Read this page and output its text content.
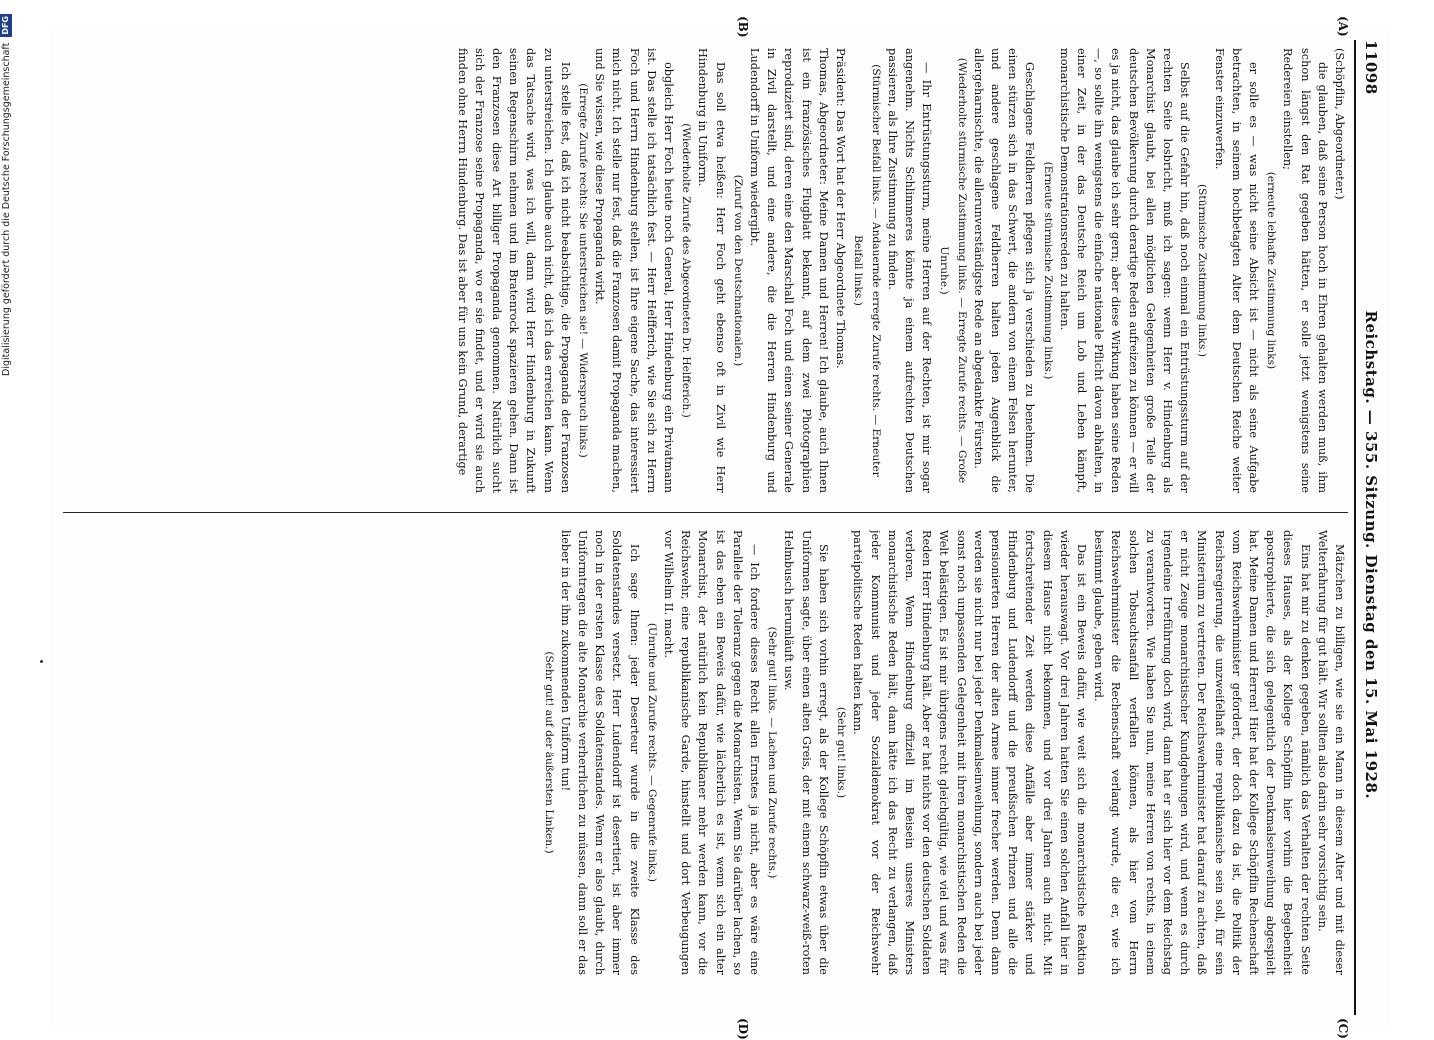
11098
Reichstag. — 355. Sitzung. Dienstag den 15. Mai 1928.
(A)
(B)
(C)
(D)

(Schöpflin, Abgeordneter.)

die glauben, daß seine Person hoch in Ehren gehalten werden muß, ihm schon längst den Rat gegeben hätten, er solle jetzt wenigstens seine Redereien einstellen;

(erneute lebhafte Zustimmung links)

er solle es — was nicht seine Absicht ist — nicht als seine Aufgabe betrachten, in seinem hochbetagten Alter dem Deutschen Reiche weiter Fenster einzuwerfen.

(Stürmische Zustimmung links.)

Selbst auf die Gefahr hin, daß noch einmal ein Entrüstungssturm auf der rechten Seite losbricht, muß ich sagen: wenn Herr v. Hindenburg als Monarchist glaubt, bei allen möglichen Gelegenheiten große Teile der deutschen Bevölkerung durch derartige Reden aufreizen zu können — er will es ja nicht, das glaube ich sehr gern; aber diese Wirkung haben seine Reden —, so sollte ihn wenigstens die einfache nationale Pflicht davon abhalten, in einer Zeit, in der das Deutsche Reich um Lob und Leben kämpft, monarchistische Demonstrationsreden zu halten.

(Erneute stürmische Zustimmung links.)

Geschlagene Feldherren pflegen sich ja verschieden zu benehmen. Die einen stürzen sich in das Schwert, die andern von einem Felsen herunter, und andere geschlagene Feldherren halten jeden Augenblick die allergeharnischte, die allerunverständigste Rede an abgedankte Fürsten.

(Wiederholte stürmische Zustimmung links. — Erregte Zurufe rechts. — Große Unruhe.)

— Ihr Entrüstungssturm, meine Herren auf der Rechten, ist mir sogar angenehm. Nichts Schlimmeres könnte ja einem aufrechten Deutschen passieren, als Ihre Zustimmung zu finden.

(Stürmischer Beifall links. — Andauernde erregte Zurufe rechts. — Erneuter Beifall links.)

Präsident: Das Wort hat der Herr Abgeordnete Thomas.

Thomas, Abgeordneter: Meine Damen und Herren! Ich glaube, auch Ihnen ist ein französisches Flugblatt bekannt, auf dem zwei Photographien reproduziert sind, deren eine den Marschall Foch und einen seiner Generale in Zivil darstellt, und eine andere, die die Herren Hindenburg und Ludendorff in Uniform wiedergibt.

(Zuruf von den Deutschnationalen.)

Das soll etwa heißen: Herr Foch geht ebenso oft in Zivil wie Herr Hindenburg in Uniform.

(Wiederholte Zurufe des Abgeordneten Dr. Helfferich.)

obgleich Herr Foch heute noch General, Herr Hindenburg ein Privatmann ist. Das stelle ich tatsächlich fest. — Herr Helfferich, wie Sie sich zu Herrn Foch und Herrn Hindenburg stellen, ist Ihre eigene Sache, das interessiert mich nicht. Ich stelle nur fest, daß die Franzosen damit Propaganda machen, und Sie wissen, wie diese Propaganda wirkt.

(Erregte Zurufe rechts: Sie unterstreichen sie! — Widerspruch links.)

Ich stelle fest, daß ich nicht beabsichtige, die Propaganda der Franzosen zu unterstreichen. Ich glaube auch nicht, daß ich das erreichen kann. Wenn das Tatsache wird, was ich will, dann wird Herr Hindenburg in Zukunft seinen Regenschirm nehmen und im Bratenrock spazieren gehen. Dann ist den Franzosen diese Art billiger Propaganda genommen. Natürlich sucht sich der Franzose seine Propaganda, wo er sie findet, und er wird sie auch finden ohne Herrn Hindenburg. Das ist aber für uns kein Grund, derartige

Mätzchen zu billigen, wie sie ein Mann in diesem Alter und mit dieser Welterfahrung für gut hält. Wir sollten also darin sehr vorsichtig sein.

Eins hat mir zu denken gegeben, nämlich das Verhalten der rechten Seite dieses Hauses, als der Kollege Schöpflin hier vorhin die Begebenheit apostrophierte, die sich gelegentlich der Denkmalseinweihung abgespielt hat. Meine Damen und Herren! Hier hat der Kollege Schöpflin Rechenschaft vom Reichswehrminister gefordert, der doch dazu da ist, die Politik der Reichsregierung, die unzweifelhaft eine republikanische sein soll, für sein Ministerium zu vertreten. Der Reichswehrminister hat darauf zu achten, daß er nicht Zeuge monarchistischer Kundgebungen wird, und wenn es durch irgendeine Irreführung doch wird, dann hat er sich hier vor dem Reichstag zu verantworten. Wie haben Sie nun, meine Herren von rechts, in einem solchen Tobsuchtsanfall verfallen können, als hier vom Herrn Reichswehrminister die Rechenschaft verlangt wurde, die er, wie ich bestimmt glaube, geben wird.

Das ist ein Beweis dafür, wie weit sich die monarchistische Reaktion wieder herauswagt. Vor drei Jahren hatten Sie einen solchen Anfall hier in diesem Hause nicht bekommen, und vor drei Jahren auch nicht. Mit fortschreitender Zeit werden diese Anfälle aber immer stärker und Hindenburg und Ludendorff und die preußischen Prinzen und alle die pensionierten Herren der alten Armee immer frecher werden. Denn dann werden sie nicht nur bei jeder Denkmalseinweihung, sondern auch bei jeder sonst noch unpassenden Gelegenheit mit ihren monarchistischen Reden die Welt belästigen. Es ist mir übrigens recht gleichgültig, wie viel und was für Reden Herr Hindenburg hält. Aber er hat nichts vor den deutschen Soldaten verloren. Wenn Hindenburg offiziell im Beisein unseres Ministers monarchistische Reden hält, dann hätte ich das Recht zu verlangen, daß jeder Kommunist und jeder Sozialdemokrat vor der Reichswehr parteipolitische Reden halten kann.

(Sehr gut! links.)

Sie haben sich vorhin erregt, als der Kollege Schöpflin etwas über die Uniformen sagte, über einen alten Greis, der mit einem schwarz-weiß-roten Helmbusch herumläuft usw.

(Sehr gut! links. — Lachen und Zurufe rechts.)

— Ich fordere dieses Recht allen Ernstes ja nicht, aber es wäre eine Parallele der Toleranz gegen die Monarchisten. Wenn Sie darüber lachen, so ist das eben ein Beweis dafür, wie lächerlich es ist, wenn sich ein alter Monarchist, der natürlich kein Republikaner mehr werden kann, vor die Reichswehr, eine republikanische Garde, hinstellt und dort Verbeugungen vor Wilhelm II. macht.

(Unruhe und Zurufe rechts. — Gegenrufe links.)

Ich sage Ihnen: jeder Deserteur wurde in die zweite Klasse des Soldatenstandes versetzt. Herr Ludendorff ist desertiert, ist aber immer noch in der ersten Klasse des Soldatenstandes. Wenn er also glaubt, durch Uniformtragen die alte Monarchie verherrlichen zu müssen, dann soll er das lieber in der ihm zukommenden Uniform tun!

(Sehr gut! auf der äußersten Linken.)

Digitalisierung gefördert durch die Deutsche Forschungsgemeinschaft
DFG
